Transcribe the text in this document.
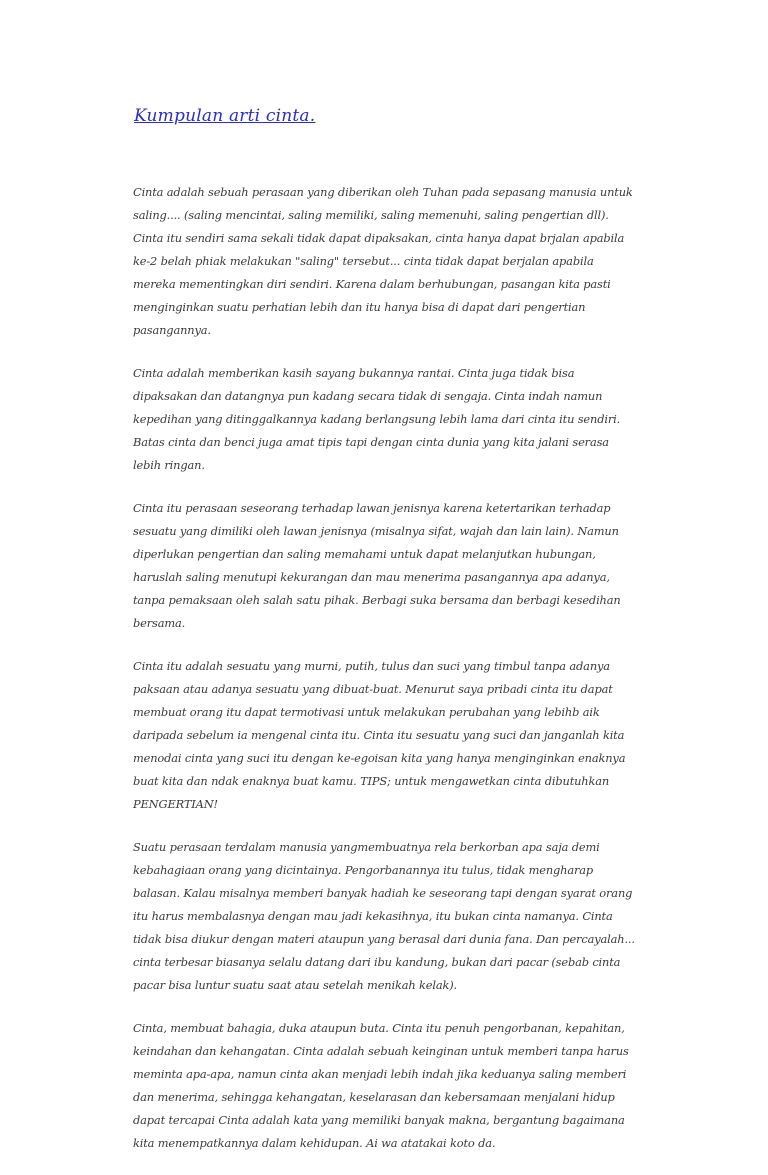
Kumpulan arti cinta.

Cinta adalah sebuah perasaan yang diberikan oleh Tuhan pada sepasang manusia untuk saling.... (saling mencintai, saling memiliki, saling memenuhi, saling pengertian dll). Cinta itu sendiri sama sekali tidak dapat dipaksakan, cinta hanya dapat brjalan apabila ke-2 belah phiak melakukan "saling" tersebut... cinta tidak dapat berjalan apabila mereka mementingkan diri sendiri. Karena dalam berhubungan, pasangan kita pasti menginginkan suatu perhatian lebih dan itu hanya bisa di dapat dari pengertian pasangannya.

Cinta adalah memberikan kasih sayang bukannya rantai. Cinta juga tidak bisa dipaksakan dan datangnya pun kadang secara tidak di sengaja. Cinta indah namun kepedihan yang ditinggalkannya kadang berlangsung lebih lama dari cinta itu sendiri. Batas cinta dan benci juga amat tipis tapi dengan cinta dunia yang kita jalani serasa lebih ringan.

Cinta itu perasaan seseorang terhadap lawan jenisnya karena ketertarikan terhadap sesuatu yang dimiliki oleh lawan jenisnya (misalnya sifat, wajah dan lain lain). Namun diperlukan pengertian dan saling memahami untuk dapat melanjutkan hubungan, haruslah saling menutupi kekurangan dan mau menerima pasangannya apa adanya, tanpa pemaksaan oleh salah satu pihak. Berbagi suka bersama dan berbagi kesedihan bersama.

Cinta itu adalah sesuatu yang murni, putih, tulus dan suci yang timbul tanpa adanya paksaan atau adanya sesuatu yang dibuat-buat. Menurut saya pribadi cinta itu dapat membuat orang itu dapat termotivasi untuk melakukan perubahan yang lebihb aik daripada sebelum ia mengenal cinta itu. Cinta itu sesuatu yang suci dan janganlah kita menodai cinta yang suci itu dengan ke-egoisan kita yang hanya menginginkan enaknya buat kita dan ndak enaknya buat kamu. TIPS; untuk mengawetkan cinta dibutuhkan PENGERTIAN!

Suatu perasaan terdalam manusia yangmembuatnya rela berkorban apa saja demi kebahagiaan orang yang dicintainya. Pengorbanannya itu tulus, tidak mengharap balasan. Kalau misalnya memberi banyak hadiah ke seseorang tapi dengan syarat orang itu harus membalasnya dengan mau jadi kekasihnya, itu bukan cinta namanya. Cinta tidak bisa diukur dengan materi ataupun yang berasal dari dunia fana. Dan percayalah... cinta terbesar biasanya selalu datang dari ibu kandung, bukan dari pacar (sebab cinta pacar bisa luntur suatu saat atau setelah menikah kelak).

Cinta, membuat bahagia, duka ataupun buta. Cinta itu penuh pengorbanan, kepahitan, keindahan dan kehangatan. Cinta adalah sebuah keinginan untuk memberi tanpa harus meminta apa-apa, namun cinta akan menjadi lebih indah jika keduanya saling memberi dan menerima, sehingga kehangatan, keselarasan dan kebersamaan menjalani hidup dapat tercapai Cinta adalah kata yang memiliki banyak makna, bergantung bagaimana kita menempatkannya dalam kehidupan. Ai wa atatakai koto da.
